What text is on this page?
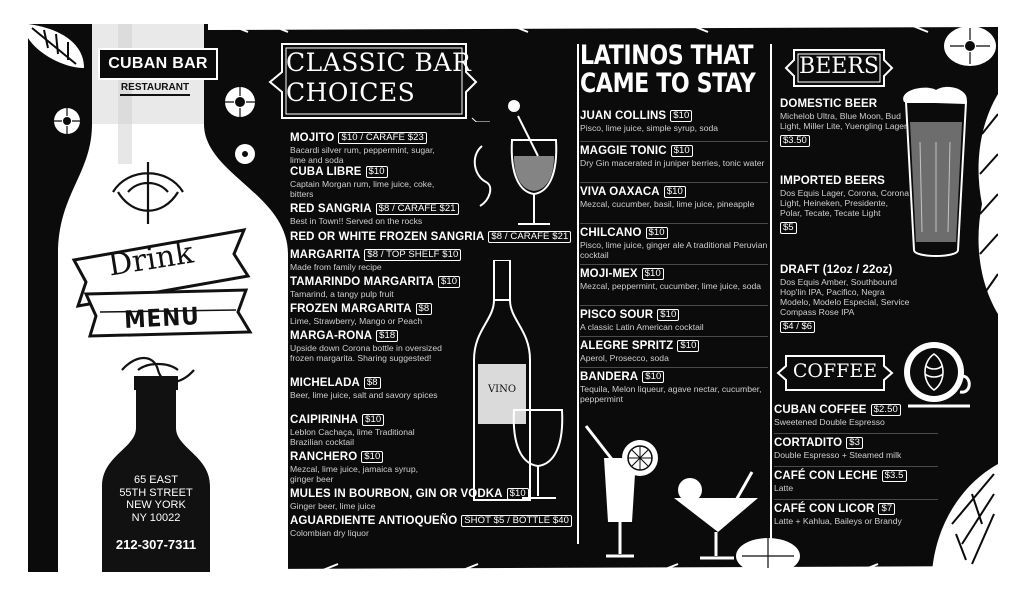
CUBAN BAR
RESTAURANT
Drink
MENU
65 EAST
55TH STREET
NEW YORK
NY 10022
212-307-7311
CLASSIC BAR
CHOICES
MOJITO $10 / CARAFE $23
Bacardi silver rum, peppermint, sugar, lime and soda
CUBA LIBRE $10
Captain Morgan rum, lime juice, coke, bitters
RED SANGRIA $8 / CARAFE $21
Best in Town!! Served on the rocks
RED OR WHITE FROZEN SANGRIA $8 / CARAFE $21
MARGARITA $8 / TOP SHELF $10
Made from family recipe
TAMARINDO MARGARITA $10
Tamarind, a tangy pulp fruit
FROZEN MARGARITA $8
Lime, Strawberry, Mango or Peach
MARGA-RONA $18
Upside down Corona bottle in oversized frozen margarita. Sharing suggested!
MICHELADA $8
Beer, lime juice, salt and savory spices
CAIPIRINHA $10
Leblon Cachaça, lime Traditional Brazilian cocktail
RANCHERO $10
Mezcal, lime juice, jamaica syrup, ginger beer
MULES IN BOURBON, GIN OR VODKA $10
Ginger beer, lime juice
AGUARDIENTE ANTIOQUEÑO SHOT $5 / BOTTLE $40
Colombian dry liquor
VINO
LATINOS THAT
CAME TO STAY
JUAN COLLINS $10
Pisco, lime juice, simple syrup, soda
MAGGIE TONIC $10
Dry Gin macerated in juniper berries, tonic water
VIVA OAXACA $10
Mezcal, cucumber, basil, lime juice, pineapple
CHILCANO $10
Pisco, lime juice, ginger ale A traditional Peruvian cocktail
MOJI-MEX $10
Mezcal, peppermint, cucumber, lime juice, soda
PISCO SOUR $10
A classic Latin American cocktail
ALEGRE SPRITZ $10
Aperol, Prosecco, soda
BANDERA $10
Tequila, Melon liqueur, agave nectar, cucumber, peppermint
BEERS
DOMESTIC BEER
Michelob Ultra, Blue Moon, Bud Light, Miller Lite, Yuengling Lager
$3.50
IMPORTED BEERS
Dos Equis Lager, Corona, Corona Light, Heineken, Presidente, Polar, Tecate, Tecate Light
$5
DRAFT (12oz / 22oz)
Dos Equis Amber, Southbound Hop'lin IPA, Pacifico, Negra Modelo, Modelo Especial, Service Compass Rose IPA
$4 / $6
COFFEE
CUBAN COFFEE $2.50
Sweetened Double Espresso
CORTADITO $3
Double Espresso + Steamed milk
CAFÉ CON LECHE $3.5
Latte
CAFÉ CON LICOR $7
Latte + Kahlua, Baileys or Brandy
